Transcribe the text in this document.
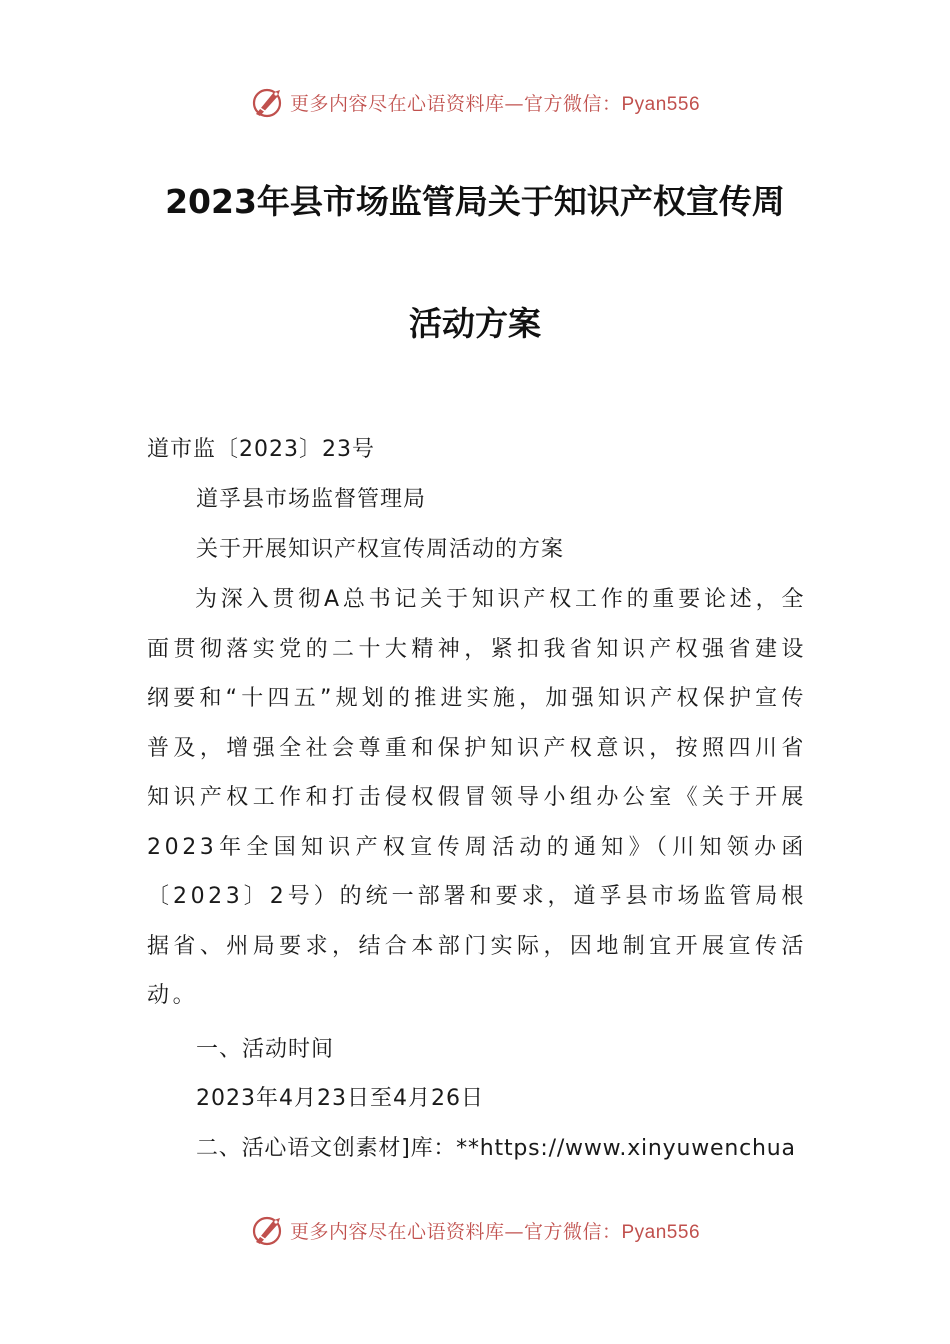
更多内容尽在心语资料库—官方微信：Pyan556
2023年县市场监管局关于知识产权宣传周
活动方案
道市监〔2023〕23号
道孚县市场监督管理局
关于开展知识产权宣传周活动的方案
为深入贯彻A总书记关于知识产权工作的重要论述，全面贯彻落实党的二十大精神，紧扣我省知识产权强省建设纲要和“十四五”规划的推进实施，加强知识产权保护宣传普及，增强全社会尊重和保护知识产权意识，按照四川省知识产权工作和打击侵权假冒领导小组办公室《关于开展2023年全国知识产权宣传周活动的通知》（川知领办函〔2023〕2号）的统一部署和要求，道孚县市场监管局根据省、州局要求，结合本部门实际，因地制宜开展宣传活动。
一、活动时间
2023年4月23日至4月26日
二、活心语文创素材]库：**https://www.xinyuwenchua
更多内容尽在心语资料库—官方微信：Pyan556
